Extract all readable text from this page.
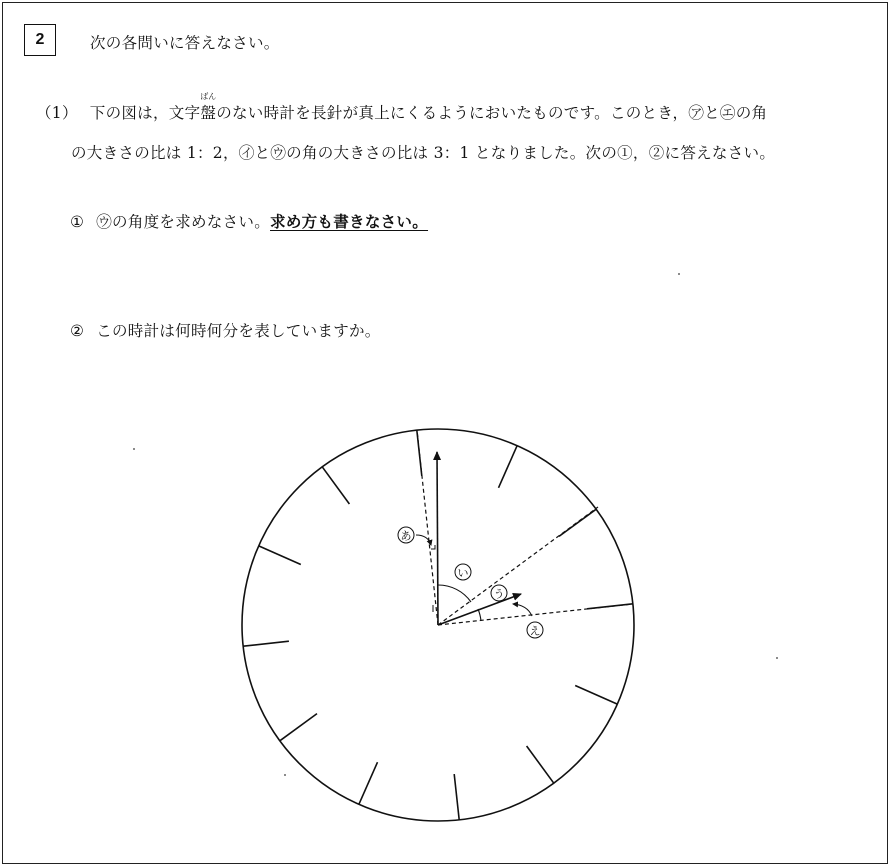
2	次の各問いに答えなさい。
（1） 下の図は，文字盤
ばん
のない時計を長針が真上にくるようにおいたものです。このとき，㋐と㋓の角
の大きさの比は 1：2，㋑と㋒の角の大きさの比は 3：1 となりました。次の①，②に答えなさい。
① ㋒の角度を求めなさい。求め方も書きなさい。
② この時計は何時何分を表していますか。
あ
い
う
え
